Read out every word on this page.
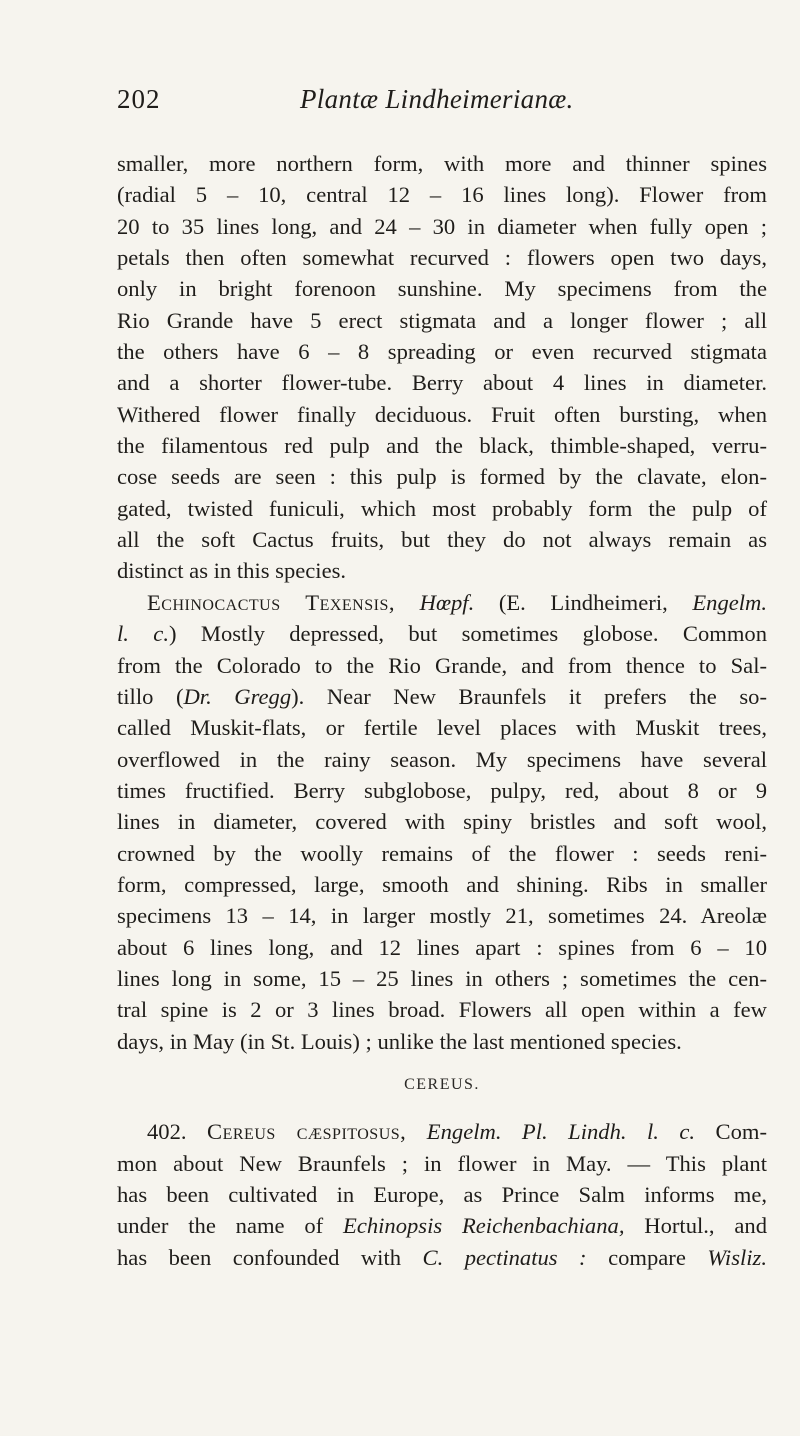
202	Plantæ Lindheimerianæ.
smaller, more northern form, with more and thinner spines
(radial 5 – 10, central 12 – 16 lines long). Flower from
20 to 35 lines long, and 24 – 30 in diameter when fully open ;
petals then often somewhat recurved : flowers open two days,
only in bright forenoon sunshine. My specimens from the
Rio Grande have 5 erect stigmata and a longer flower ; all
the others have 6 – 8 spreading or even recurved stigmata
and a shorter flower-tube. Berry about 4 lines in diameter.
Withered flower finally deciduous. Fruit often bursting, when
the filamentous red pulp and the black, thimble-shaped, verru-
cose seeds are seen : this pulp is formed by the clavate, elon-
gated, twisted funiculi, which most probably form the pulp of
all the soft Cactus fruits, but they do not always remain as
distinct as in this species.
Echinocactus Texensis, Hœpf. (E. Lindheimeri, Engelm.
l. c.) Mostly depressed, but sometimes globose. Common
from the Colorado to the Rio Grande, and from thence to Sal-
tillo (Dr. Gregg). Near New Braunfels it prefers the so-
called Muskit-flats, or fertile level places with Muskit trees,
overflowed in the rainy season. My specimens have several
times fructified. Berry subglobose, pulpy, red, about 8 or 9
lines in diameter, covered with spiny bristles and soft wool,
crowned by the woolly remains of the flower : seeds reni-
form, compressed, large, smooth and shining. Ribs in smaller
specimens 13 – 14, in larger mostly 21, sometimes 24. Areolæ
about 6 lines long, and 12 lines apart : spines from 6 – 10
lines long in some, 15 – 25 lines in others ; sometimes the cen-
tral spine is 2 or 3 lines broad. Flowers all open within a few
days, in May (in St. Louis) ; unlike the last mentioned species.
CEREUS.
402. Cereus cæspitosus, Engelm. Pl. Lindh. l. c. Com-
mon about New Braunfels ; in flower in May. — This plant
has been cultivated in Europe, as Prince Salm informs me,
under the name of Echinopsis Reichenbachiana, Hortul., and
has been confounded with C. pectinatus : compare Wisliz.
